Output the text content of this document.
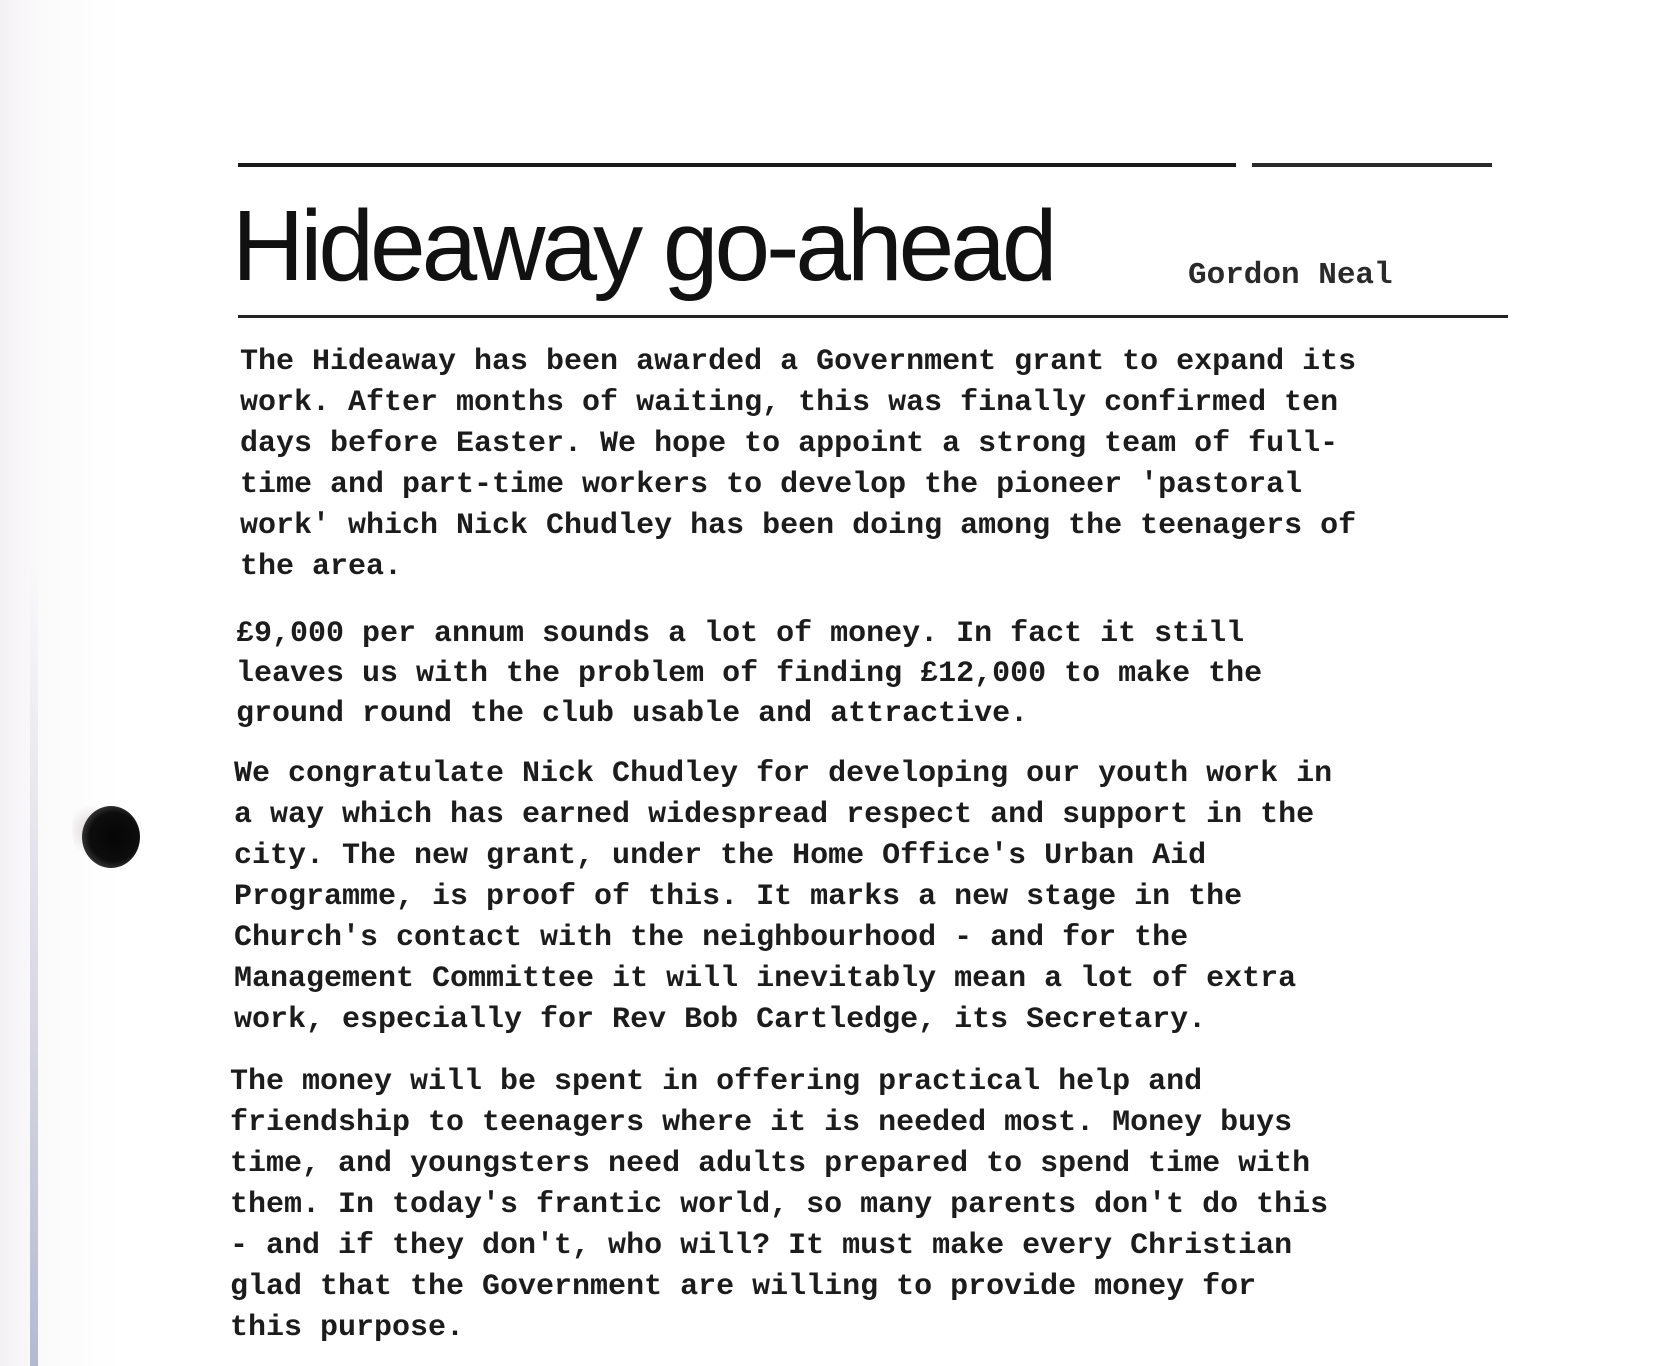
Hideaway go-ahead	Gordon Neal

The Hideaway has been awarded a Government grant to expand its
work. After months of waiting, this was finally confirmed ten
days before Easter. We hope to appoint a strong team of full-
time and part-time workers to develop the pioneer 'pastoral
work' which Nick Chudley has been doing among the teenagers of
the area.

£9,000 per annum sounds a lot of money. In fact it still
leaves us with the problem of finding £12,000 to make the
ground round the club usable and attractive.

We congratulate Nick Chudley for developing our youth work in
a way which has earned widespread respect and support in the
city. The new grant, under the Home Office's Urban Aid
Programme, is proof of this. It marks a new stage in the
Church's contact with the neighbourhood - and for the
Management Committee it will inevitably mean a lot of extra
work, especially for Rev Bob Cartledge, its Secretary.

The money will be spent in offering practical help and
friendship to teenagers where it is needed most. Money buys
time, and youngsters need adults prepared to spend time with
them. In today's frantic world, so many parents don't do this
- and if they don't, who will? It must make every Christian
glad that the Government are willing to provide money for
this purpose.
